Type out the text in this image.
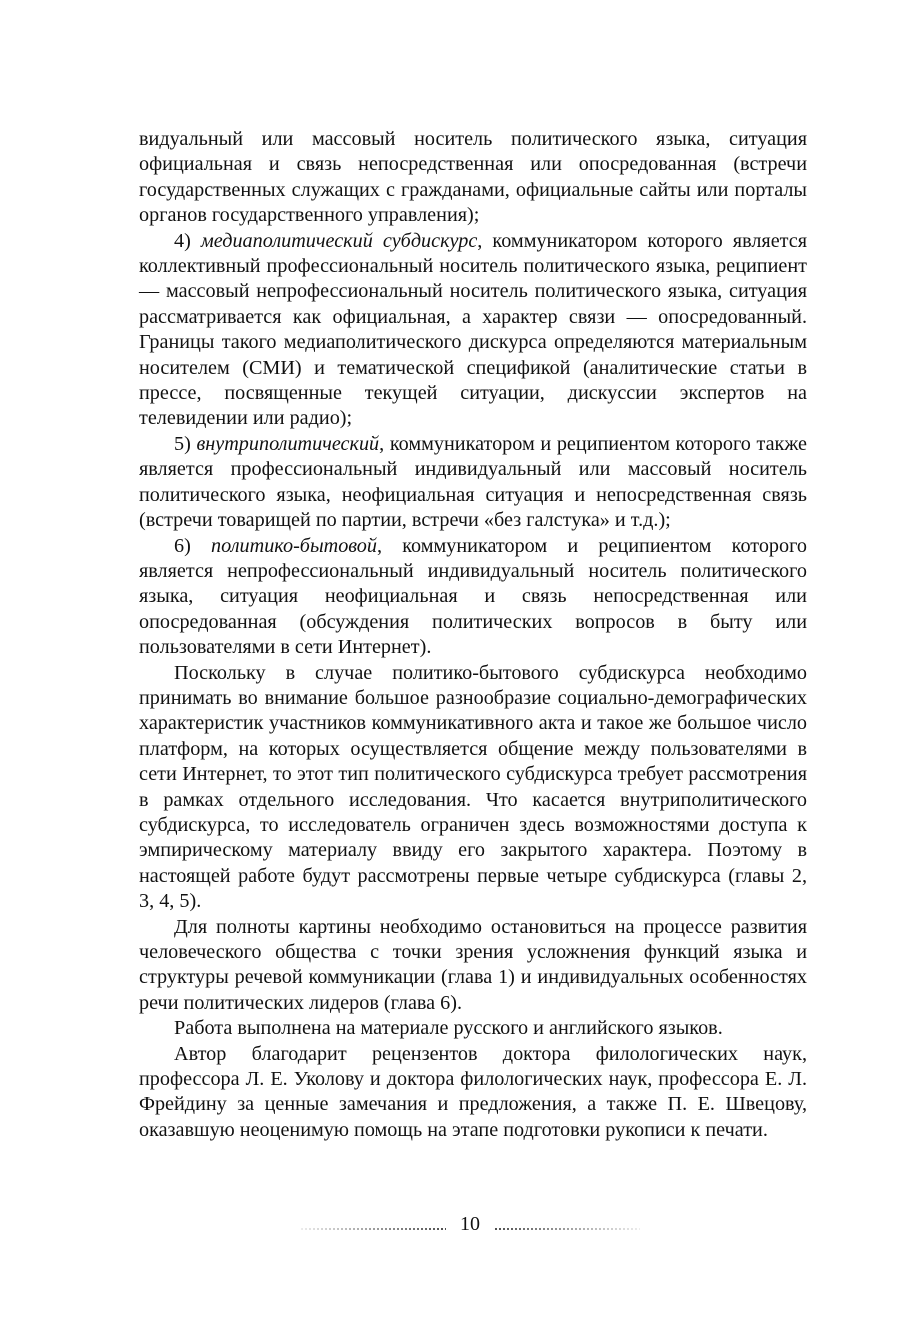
видуальный или массовый носитель политического языка, ситуация официальная и связь непосредственная или опосредованная (встречи государственных служащих с гражданами, официальные сайты или порталы органов государственного управления);

4) медиаполитический субдискурс, коммуникатором которого является коллективный профессиональный носитель политического языка, реципиент — массовый непрофессиональный носитель политического языка, ситуация рассматривается как официальная, а характер связи — опосредованный. Границы такого медиаполитического дискурса определяются материальным носителем (СМИ) и тематической спецификой (аналитические статьи в прессе, посвященные текущей ситуации, дискуссии экспертов на телевидении или радио);

5) внутриполитический, коммуникатором и реципиентом которого также является профессиональный индивидуальный или массовый носитель политического языка, неофициальная ситуация и непосредственная связь (встречи товарищей по партии, встречи «без галстука» и т.д.);

6) политико-бытовой, коммуникатором и реципиентом которого является непрофессиональный индивидуальный носитель политического языка, ситуация неофициальная и связь непосредственная или опосредованная (обсуждения политических вопросов в быту или пользователями в сети Интернет).

Поскольку в случае политико-бытового субдискурса необходимо принимать во внимание большое разнообразие социально-демографических характеристик участников коммуникативного акта и такое же большое число платформ, на которых осуществляется общение между пользователями в сети Интернет, то этот тип политического субдискурса требует рассмотрения в рамках отдельного исследования. Что касается внутриполитического субдискурса, то исследователь ограничен здесь возможностями доступа к эмпирическому материалу ввиду его закрытого характера. Поэтому в настоящей работе будут рассмотрены первые четыре субдискурса (главы 2, 3, 4, 5).

Для полноты картины необходимо остановиться на процессе развития человеческого общества с точки зрения усложнения функций языка и структуры речевой коммуникации (глава 1) и индивидуальных особенностях речи политических лидеров (глава 6).

Работа выполнена на материале русского и английского языков.

Автор благодарит рецензентов доктора филологических наук, профессора Л. Е. Уколову и доктора филологических наук, профессора Е. Л. Фрейдину за ценные замечания и предложения, а также П. Е. Швецову, оказавшую неоценимую помощь на этапе подготовки рукописи к печати.

10
